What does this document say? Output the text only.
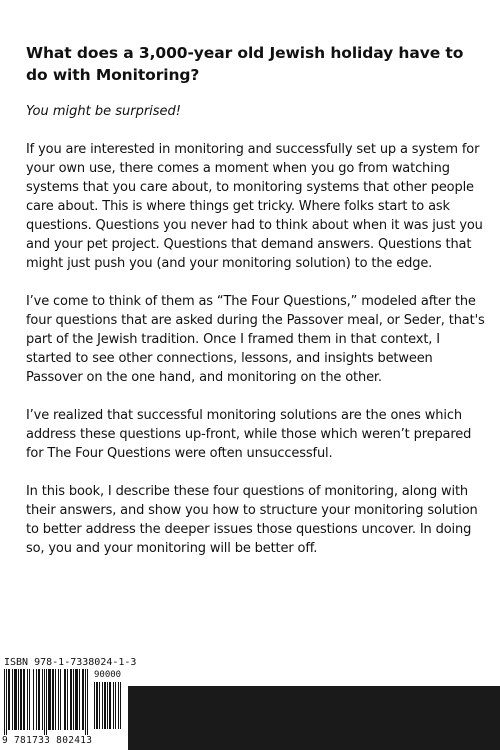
What does a 3,000-year old Jewish holiday have to do with Monitoring?

You might be surprised!

If you are interested in monitoring and successfully set up a system for your own use, there comes a moment when you go from watching systems that you care about, to monitoring systems that other people care about. This is where things get tricky. Where folks start to ask questions. Questions you never had to think about when it was just you and your pet project. Questions that demand answers. Questions that might just push you (and your monitoring solution) to the edge.

I’ve come to think of them as “The Four Questions,” modeled after the four questions that are asked during the Passover meal, or Seder, that's part of the Jewish tradition. Once I framed them in that context, I started to see other connections, lessons, and insights between Passover on the one hand, and monitoring on the other.

I’ve realized that successful monitoring solutions are the ones which address these questions up-front, while those which weren’t prepared for The Four Questions were often unsuccessful.

In this book, I describe these four questions of monitoring, along with their answers, and show you how to structure your monitoring solution to better address the deeper issues those questions uncover. In doing so, you and your monitoring will be better off.

ISBN 978-1-7338024-1-3
90000
9 781733 802413
